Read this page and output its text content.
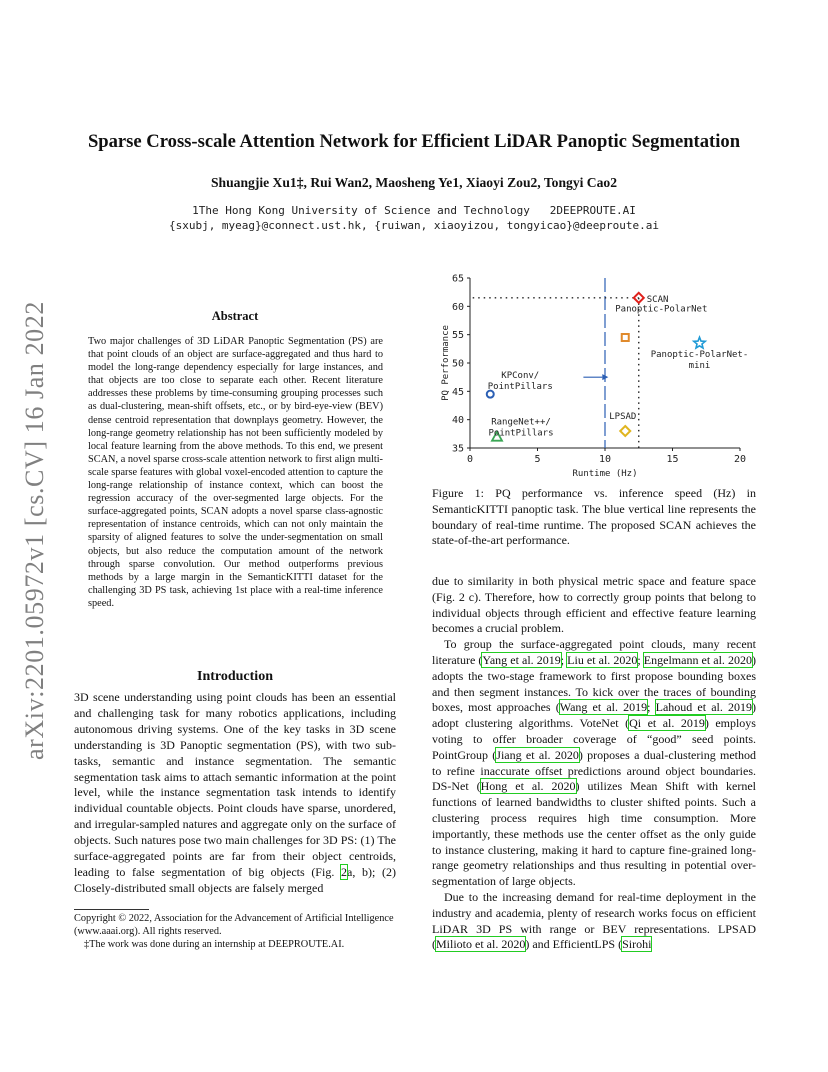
arXiv:2201.05972v1 [cs.CV] 16 Jan 2022
Sparse Cross-scale Attention Network for Efficient LiDAR Panoptic Segmentation
Shuangjie Xu1‡, Rui Wan2, Maosheng Ye1, Xiaoyi Zou2, Tongyi Cao2
1The Hong Kong University of Science and Technology 2DEEPROUTE.AI
{sxubj, myeag}@connect.ust.hk, {ruiwan, xiaoyizou, tongyicao}@deeproute.ai
Abstract
Two major challenges of 3D LiDAR Panoptic Segmentation (PS) are that point clouds of an object are surface-aggregated and thus hard to model the long-range dependency especially for large instances, and that objects are too close to separate each other. Recent literature addresses these problems by time-consuming grouping processes such as dual-clustering, mean-shift offsets, etc., or by bird-eye-view (BEV) dense centroid representation that downplays geometry. However, the long-range geometry relationship has not been sufficiently modeled by local feature learning from the above methods. To this end, we present SCAN, a novel sparse cross-scale attention network to first align multi-scale sparse features with global voxel-encoded attention to capture the long-range relationship of instance context, which can boost the regression accuracy of the over-segmented large objects. For the surface-aggregated points, SCAN adopts a novel sparse class-agnostic representation of instance centroids, which can not only maintain the sparsity of aligned features to solve the under-segmentation on small objects, but also reduce the computation amount of the network through sparse convolution. Our method outperforms previous methods by a large margin in the SemanticKITTI dataset for the challenging 3D PS task, achieving 1st place with a real-time inference speed.
Introduction

3D scene understanding using point clouds has been an essential and challenging task for many robotics applications, including autonomous driving systems. One of the key tasks in 3D scene understanding is 3D Panoptic segmentation (PS), with two sub-tasks, semantic and instance segmentation. The semantic segmentation task aims to attach semantic information at the point level, while the instance segmentation task intends to identify individual countable objects. Point clouds have sparse, unordered, and irregular-sampled natures and aggregate only on the surface of objects. Such natures pose two main challenges for 3D PS: (1) The surface-aggregated points are far from their object centroids, leading to false segmentation of big objects (Fig. 2a, b); (2) Closely-distributed small objects are falsely merged

Copyright © 2022, Association for the Advancement of Artificial Intelligence (www.aaai.org). All rights reserved.
‡The work was done during an internship at DEEPROUTE.AI.
35
40
45
50
55
60
65
0	5	10	15	20
Runtime (Hz)
PQ Performance
SCAN
Panoptic-PolarNet
Panoptic-PolarNet-
mini
KPConv/
PointPillars
LPSAD
RangeNet++/
PointPillars
Figure 1: PQ performance vs. inference speed (Hz) in SemanticKITTI panoptic task. The blue vertical line represents the boundary of real-time runtime. The proposed SCAN achieves the state-of-the-art performance.

due to similarity in both physical metric space and feature space (Fig. 2 c). Therefore, how to correctly group points that belong to individual objects through efficient and effective feature learning becomes a crucial problem.

To group the surface-aggregated point clouds, many recent literature (Yang et al. 2019; Liu et al. 2020; Engelmann et al. 2020) adopts the two-stage framework to first propose bounding boxes and then segment instances. To kick over the traces of bounding boxes, most approaches (Wang et al. 2019; Lahoud et al. 2019) adopt clustering algorithms. VoteNet (Qi et al. 2019) employs voting to offer broader coverage of “good” seed points. PointGroup (Jiang et al. 2020) proposes a dual-clustering method to refine inaccurate offset predictions around object boundaries. DS-Net (Hong et al. 2020) utilizes Mean Shift with kernel functions of learned bandwidths to cluster shifted points. Such a clustering process requires high time consumption. More importantly, these methods use the center offset as the only guide to instance clustering, making it hard to capture fine-grained long-range geometry relationships and thus resulting in potential over-segmentation of large objects.

Due to the increasing demand for real-time deployment in the industry and academia, plenty of research works focus on efficient LiDAR 3D PS with range or BEV representations. LPSAD (Milioto et al. 2020) and EfficientLPS (Sirohi
